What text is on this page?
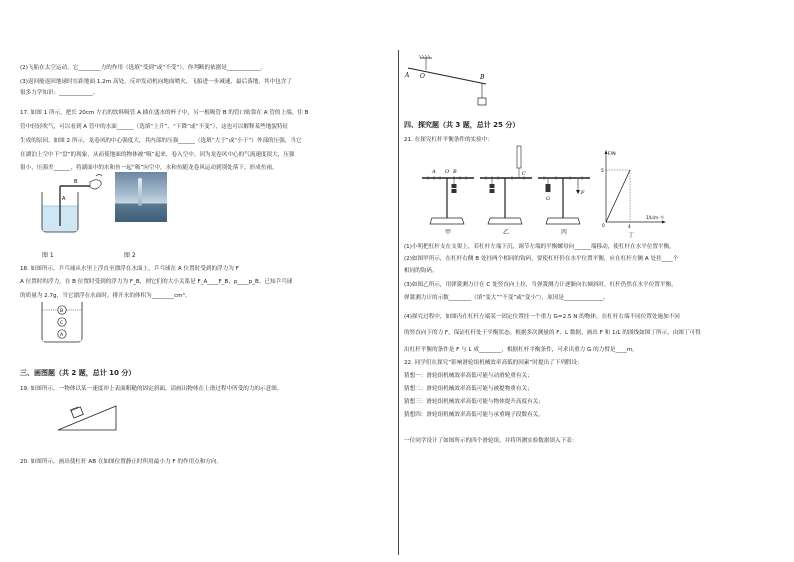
(2)飞船在太空运动，它________力的作用（选填“受到”或“不受”），你判断的依据是____________。
(3)返回舱返回地球时在距地面 1.2m 高处，反冲发动机向地面喷火，飞船进一步减速，最后落地，其中包含了
很多力学知识：____________。
17. 如图 1 所示，把长 20cm 左右的饮料吸管 A 插在盛水的杯子中，另一根吸管 B 的管口贴靠在 A 管的上端。往 B
管中轻轻吹气，可以看到 A 管中的水面______（选填“上升”、“下降”或“不变”），这也可以解释某些地貌特征
生成的原因。如图 2 所示，龙卷风的中心强度大，其内部的压强______（选填“大于”或“小于”）外部的压强，当它
在湖泊上空中下“盘”的现象，从而使地面的物体被“吸”起来，卷入空中。因为龙卷风中心的气流速度很大，压强
很小，压强差______，将湖面中的水和鱼一起“吸”向空中，水和鱼随龙卷风运动到别处落下，形成鱼雨。
A
B
图 1	图 2
18. 如图所示，乒乓球从水里上浮直至漂浮在水面上，乒乓球在 A 位置时受到的浮力为 F
A 位置时的浮力，在 B 位置时受到的浮力为 F_B，则它们的大小关系是 F_A____F_B，p____p_B。已知乒乓球
的质量为 2.7g，当它漂浮在水面时，排开水的体积为________cm³。
B
C
A
三、画图题（共 2 题，总计 10 分）
19. 如图所示，一物体以某一速度冲上表面粗糙的固定斜面，请画出物体在上滑过程中所受的力的示意图。
20. 如图所示，画出使杠杆 AB 在如图位置静止时所用最小力 F 的作用点和方向。
A O	B
四、探究题（共 3 题，总计 25 分）
21. 在探究杠杆平衡条件的实验中：
A O B	C
G
F
F/N
1/L(m⁻¹)
0
5
4
甲	乙	丙	丁
(1)小明把杠杆支在支架上，若杠杆左端下沉，调节左端的平衡螺母向______端移动，使杠杆在水平位置平衡。
(2)如图甲所示，在杠杆右侧 B 处挂两个相同的钩码，要使杠杆仍在水平位置平衡，应在杠杆左侧 A 处挂____个
相同的钩码。
(3)如图乙所示，用弹簧测力计在 C 处竖直向上拉，当弹簧测力计逐渐向右倾斜时，杠杆仍然在水平位置平衡，
弹簧测力计的示数________（填“变大”“不变”或“变小”），原因是______________。
(4)探究过程中，如图丙在杠杆左端某一固定位置挂一个重力 G=2.5 N 的物体，在杠杆右端不同位置处施加不同
的竖直向下的力 F，保证杠杆处于平衡状态。根据多次测量的 F、L 数据，画出 F 和 1/L 的图线如图丁所示，由图丁可得
出杠杆平衡的条件是 F 与 L 成________，根据杠杆平衡条件，可求出重力 G 的力臂是____m。
22. 同学们在探究“影响滑轮组机械效率高低的因素”时提出了下列假设：
猜想一：滑轮组机械效率高低可能与动滑轮重有关；
猜想二：滑轮组机械效率高低可能与被提物重有关；
猜想三：滑轮组机械效率高低可能与物体提升高度有关；
猜想四：滑轮组机械效率高低可能与承重绳子段数有关。
一位同学设计了如图所示的四个滑轮组，并将所测实验数据填入下表：
